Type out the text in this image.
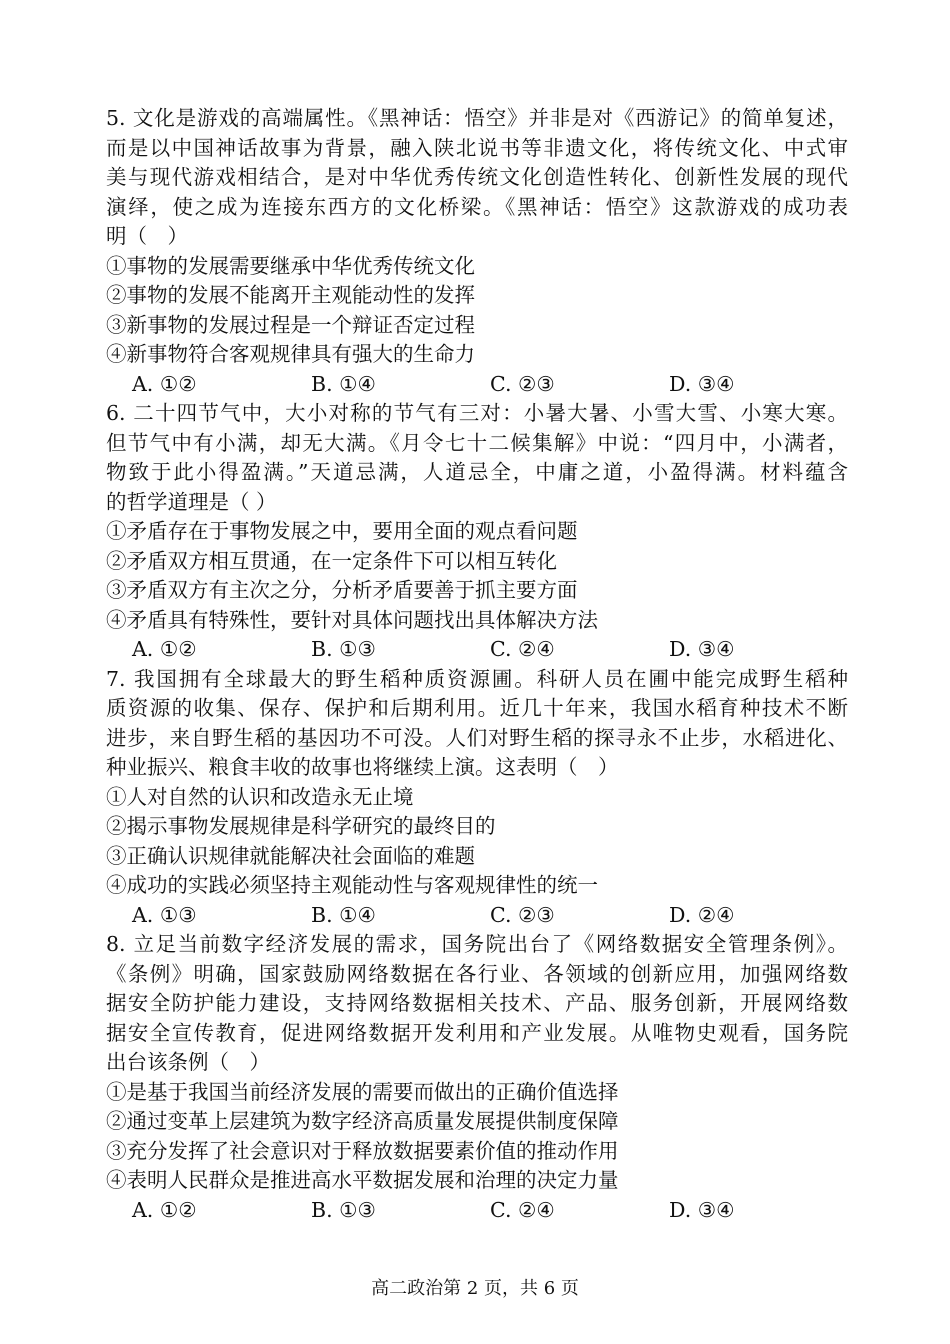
5. 文化是游戏的高端属性。《黑神话：悟空》并非是对《西游记》的简单复述，
而是以中国神话故事为背景，融入陕北说书等非遗文化，将传统文化、中式审
美与现代游戏相结合，是对中华优秀传统文化创造性转化、创新性发展的现代
演绎，使之成为连接东西方的文化桥梁。《黑神话：悟空》这款游戏的成功表
明（　）
①事物的发展需要继承中华优秀传统文化
②事物的发展不能离开主观能动性的发挥
③新事物的发展过程是一个辩证否定过程
④新事物符合客观规律具有强大的生命力
A. ①②	B. ①④	C. ②③	D. ③④
6. 二十四节气中，大小对称的节气有三对：小暑大暑、小雪大雪、小寒大寒。
但节气中有小满，却无大满。《月令七十二候集解》中说：“四月中，小满者，
物致于此小得盈满。”天道忌满，人道忌全，中庸之道，小盈得满。材料蕴含
的哲学道理是（ ）
①矛盾存在于事物发展之中，要用全面的观点看问题
②矛盾双方相互贯通，在一定条件下可以相互转化
③矛盾双方有主次之分，分析矛盾要善于抓主要方面
④矛盾具有特殊性，要针对具体问题找出具体解决方法
A. ①②	B. ①③	C. ②④	D. ③④
7. 我国拥有全球最大的野生稻种质资源圃。科研人员在圃中能完成野生稻种
质资源的收集、保存、保护和后期利用。近几十年来，我国水稻育种技术不断
进步，来自野生稻的基因功不可没。人们对野生稻的探寻永不止步，水稻进化、
种业振兴、粮食丰收的故事也将继续上演。这表明（　）
①人对自然的认识和改造永无止境
②揭示事物发展规律是科学研究的最终目的
③正确认识规律就能解决社会面临的难题
④成功的实践必须坚持主观能动性与客观规律性的统一
A. ①③	B. ①④	C. ②③	D. ②④
8. 立足当前数字经济发展的需求，国务院出台了《网络数据安全管理条例》。
《条例》明确，国家鼓励网络数据在各行业、各领域的创新应用，加强网络数
据安全防护能力建设，支持网络数据相关技术、产品、服务创新，开展网络数
据安全宣传教育，促进网络数据开发利用和产业发展。从唯物史观看，国务院
出台该条例（　）
①是基于我国当前经济发展的需要而做出的正确价值选择
②通过变革上层建筑为数字经济高质量发展提供制度保障
③充分发挥了社会意识对于释放数据要素价值的推动作用
④表明人民群众是推进高水平数据发展和治理的决定力量
A. ①②	B. ①③	C. ②④	D. ③④
高二政治第 2 页，共 6 页
